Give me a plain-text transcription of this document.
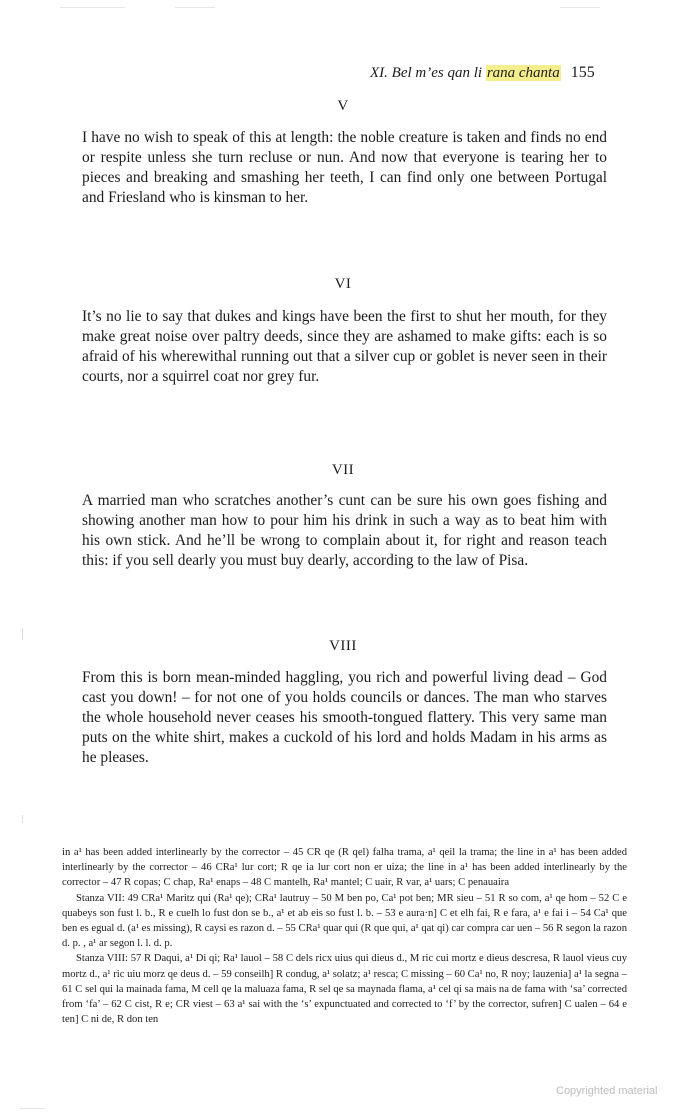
XI. Bel m’es qan li rana chanta 155
V
I have no wish to speak of this at length: the noble creature is taken and finds no end or respite unless she turn recluse or nun. And now that everyone is tearing her to pieces and breaking and smashing her teeth, I can find only one between Portugal and Friesland who is kinsman to her.
VI
It’s no lie to say that dukes and kings have been the first to shut her mouth, for they make great noise over paltry deeds, since they are ashamed to make gifts: each is so afraid of his wherewithal running out that a silver cup or goblet is never seen in their courts, nor a squirrel coat nor grey fur.
VII
A married man who scratches another’s cunt can be sure his own goes fishing and showing another man how to pour him his drink in such a way as to beat him with his own stick. And he’ll be wrong to complain about it, for right and reason teach this: if you sell dearly you must buy dearly, according to the law of Pisa.
VIII
From this is born mean-minded haggling, you rich and powerful living dead – God cast you down! – for not one of you holds councils or dances. The man who starves the whole household never ceases his smooth-tongued flattery. This very same man puts on the white shirt, makes a cuckold of his lord and holds Madam in his arms as he pleases.

in a¹ has been added interlinearly by the corrector – 45 CR qe (R qel) falha trama, a¹ qeil la trama; the line in a¹ has been added interlinearly by the corrector – 46 CRa¹ lur cort; R qe ia lur cort non er uiza; the line in a¹ has been added interlinearly by the corrector – 47 R copas; C chap, Ra¹ enaps – 48 C mantelh, Ra¹ mantel; C uair, R var, a¹ uars; C penauaira

Stanza VII: 49 CRa¹ Maritz qui (Ra¹ qe); CRa¹ lautruy – 50 M ben po, Ca¹ pot ben; MR sieu – 51 R so com, a¹ qe hom – 52 C e quabeys son fust l. b., R e cuelh lo fust don se b., a¹ et ab eis so fust l. b. – 53 e aura·n] C et elh fai, R e fara, a¹ e fai i – 54 Ca¹ que ben es egual d. (a¹ es missing), R caysi es razon d. – 55 CRa¹ quar qui (R que qui, a¹ qat qi) car compra car uen – 56 R segon la razon d. p. , a¹ ar segon l. l. d. p.

Stanza VIII: 57 R Daqui, a¹ Di qi; Ra¹ lauol – 58 C dels ricx uius qui dieus d., M ric cui mortz e dieus descresa, R lauol vieus cuy mortz d., a¹ ric uiu morz qe deus d. – 59 conseilh] R condug, a¹ solatz; a¹ resca; C missing – 60 Ca¹ no, R noy; lauzenia] a¹ la segna – 61 C sel qui la mainada fama, M cell qe la maluaza fama, R sel qe sa maynada flama, a¹ cel qi sa mais na de fama with ‘sa’ corrected from ‘fa’ – 62 C cist, R e; CR viest – 63 a¹ sai with the ‘s’ expunctuated and corrected to ‘f’ by the corrector, sufren] C ualen – 64 e ten] C ni de, R don ten

Copyrighted material
